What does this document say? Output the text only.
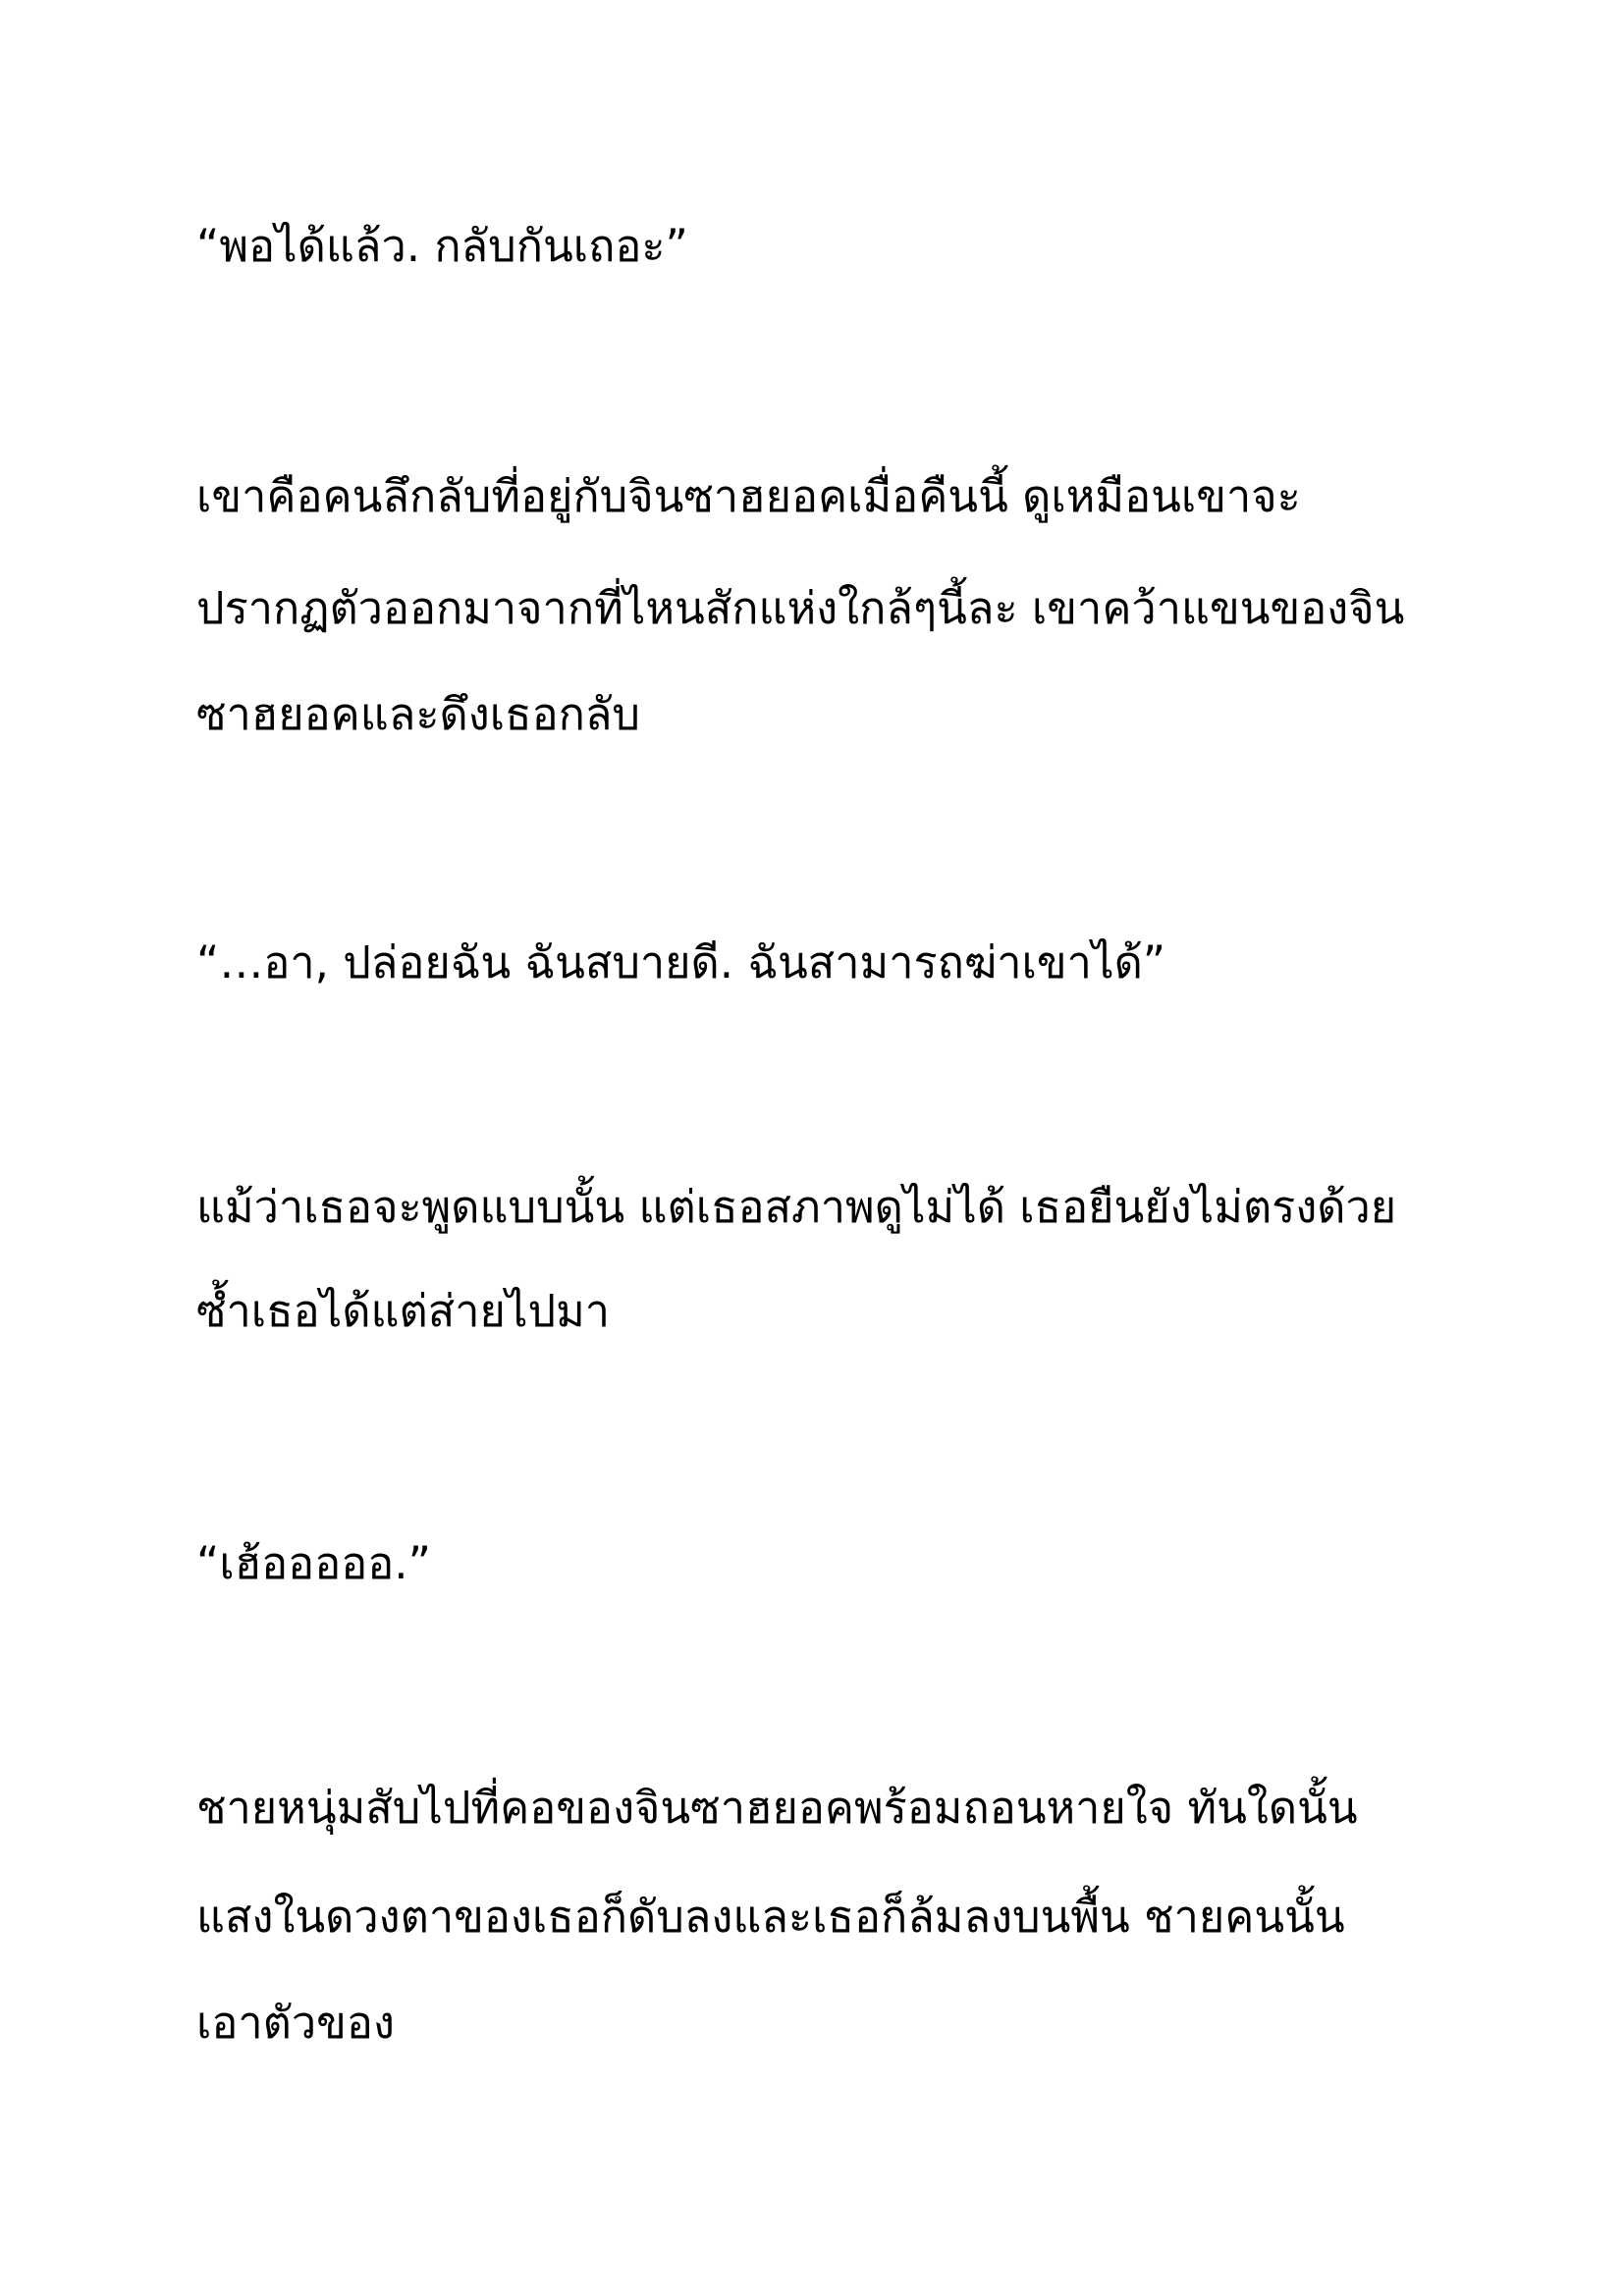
“พอได้แล้ว. กลับกันเถอะ”

เขาคือคนลึกลับที่อยู่กับจินซาฮยอคเมื่อคืนนี้ ดูเหมือนเขาจะ

ปรากฏตัวออกมาจากที่ไหนสักแห่งใกล้ๆนี้ละ เขาคว้าแขนของจิน

ซาฮยอคและดึงเธอกลับ

“…อา, ปล่อยฉัน ฉันสบายดี. ฉันสามารถฆ่าเขาได้”

แม้ว่าเธอจะพูดแบบนั้น แต่เธอสภาพดูไม่ได้ เธอยืนยังไม่ตรงด้วย

ซ้ำเธอได้แต่ส่ายไปมา

“เฮ้อออออ.”

ชายหนุ่มสับไปที่คอของจินซาฮยอคพร้อมถอนหายใจ ทันใดนั้น

แสงในดวงตาของเธอก็ดับลงและเธอก็ล้มลงบนพื้น ชายคนนั้น

เอาตัวของ
